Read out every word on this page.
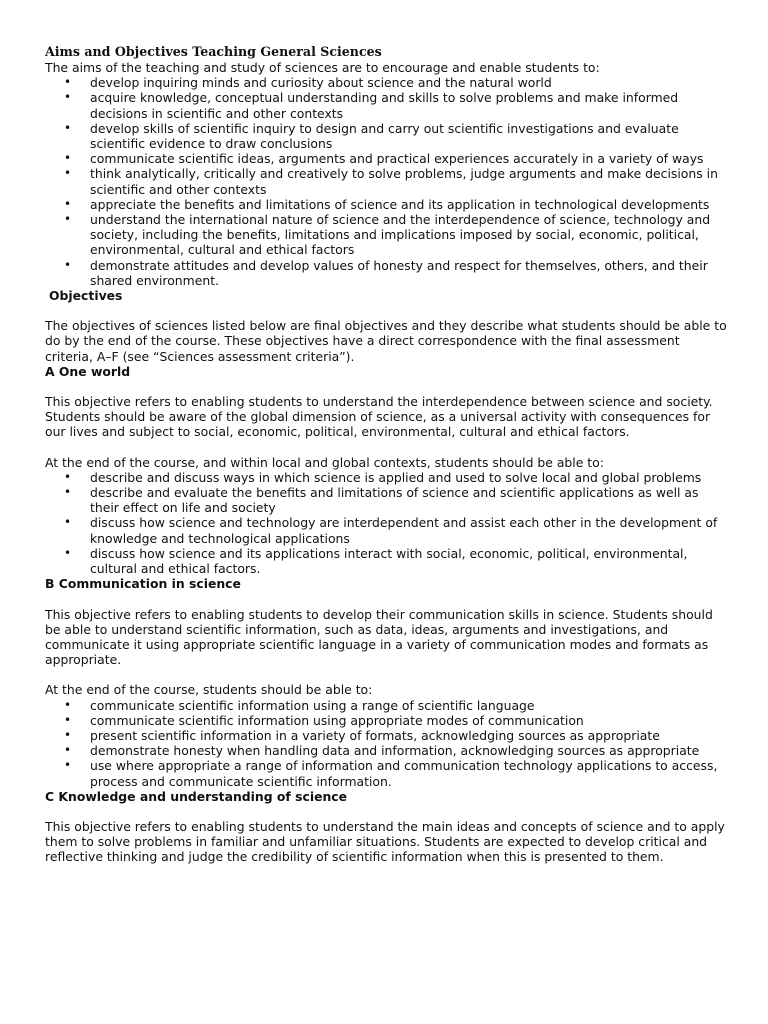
Aims and Objectives Teaching General Sciences

The aims of the teaching and study of sciences are to encourage and enable students to:

• develop inquiring minds and curiosity about science and the natural world
• acquire knowledge, conceptual understanding and skills to solve problems and make informed decisions in scientific and other contexts
• develop skills of scientific inquiry to design and carry out scientific investigations and evaluate scientific evidence to draw conclusions
• communicate scientific ideas, arguments and practical experiences accurately in a variety of ways
• think analytically, critically and creatively to solve problems, judge arguments and make decisions in scientific and other contexts
• appreciate the benefits and limitations of science and its application in technological developments
• understand the international nature of science and the interdependence of science, technology and society, including the benefits, limitations and implications imposed by social, economic, political, environmental, cultural and ethical factors
• demonstrate attitudes and develop values of honesty and respect for themselves, others, and their shared environment.

Objectives

The objectives of sciences listed below are final objectives and they describe what students should be able to do by the end of the course. These objectives have a direct correspondence with the final assessment criteria, A–F (see “Sciences assessment criteria”).

A One world

This objective refers to enabling students to understand the interdependence between science and society. Students should be aware of the global dimension of science, as a universal activity with consequences for our lives and subject to social, economic, political, environmental, cultural and ethical factors.

At the end of the course, and within local and global contexts, students should be able to:

• describe and discuss ways in which science is applied and used to solve local and global problems
• describe and evaluate the benefits and limitations of science and scientific applications as well as their effect on life and society
• discuss how science and technology are interdependent and assist each other in the development of knowledge and technological applications
• discuss how science and its applications interact with social, economic, political, environmental, cultural and ethical factors.

B Communication in science

This objective refers to enabling students to develop their communication skills in science. Students should be able to understand scientific information, such as data, ideas, arguments and investigations, and communicate it using appropriate scientific language in a variety of communication modes and formats as appropriate.

At the end of the course, students should be able to:

• communicate scientific information using a range of scientific language
• communicate scientific information using appropriate modes of communication
• present scientific information in a variety of formats, acknowledging sources as appropriate
• demonstrate honesty when handling data and information, acknowledging sources as appropriate
• use where appropriate a range of information and communication technology applications to access, process and communicate scientific information.

C Knowledge and understanding of science

This objective refers to enabling students to understand the main ideas and concepts of science and to apply them to solve problems in familiar and unfamiliar situations. Students are expected to develop critical and reflective thinking and judge the credibility of scientific information when this is presented to them.
